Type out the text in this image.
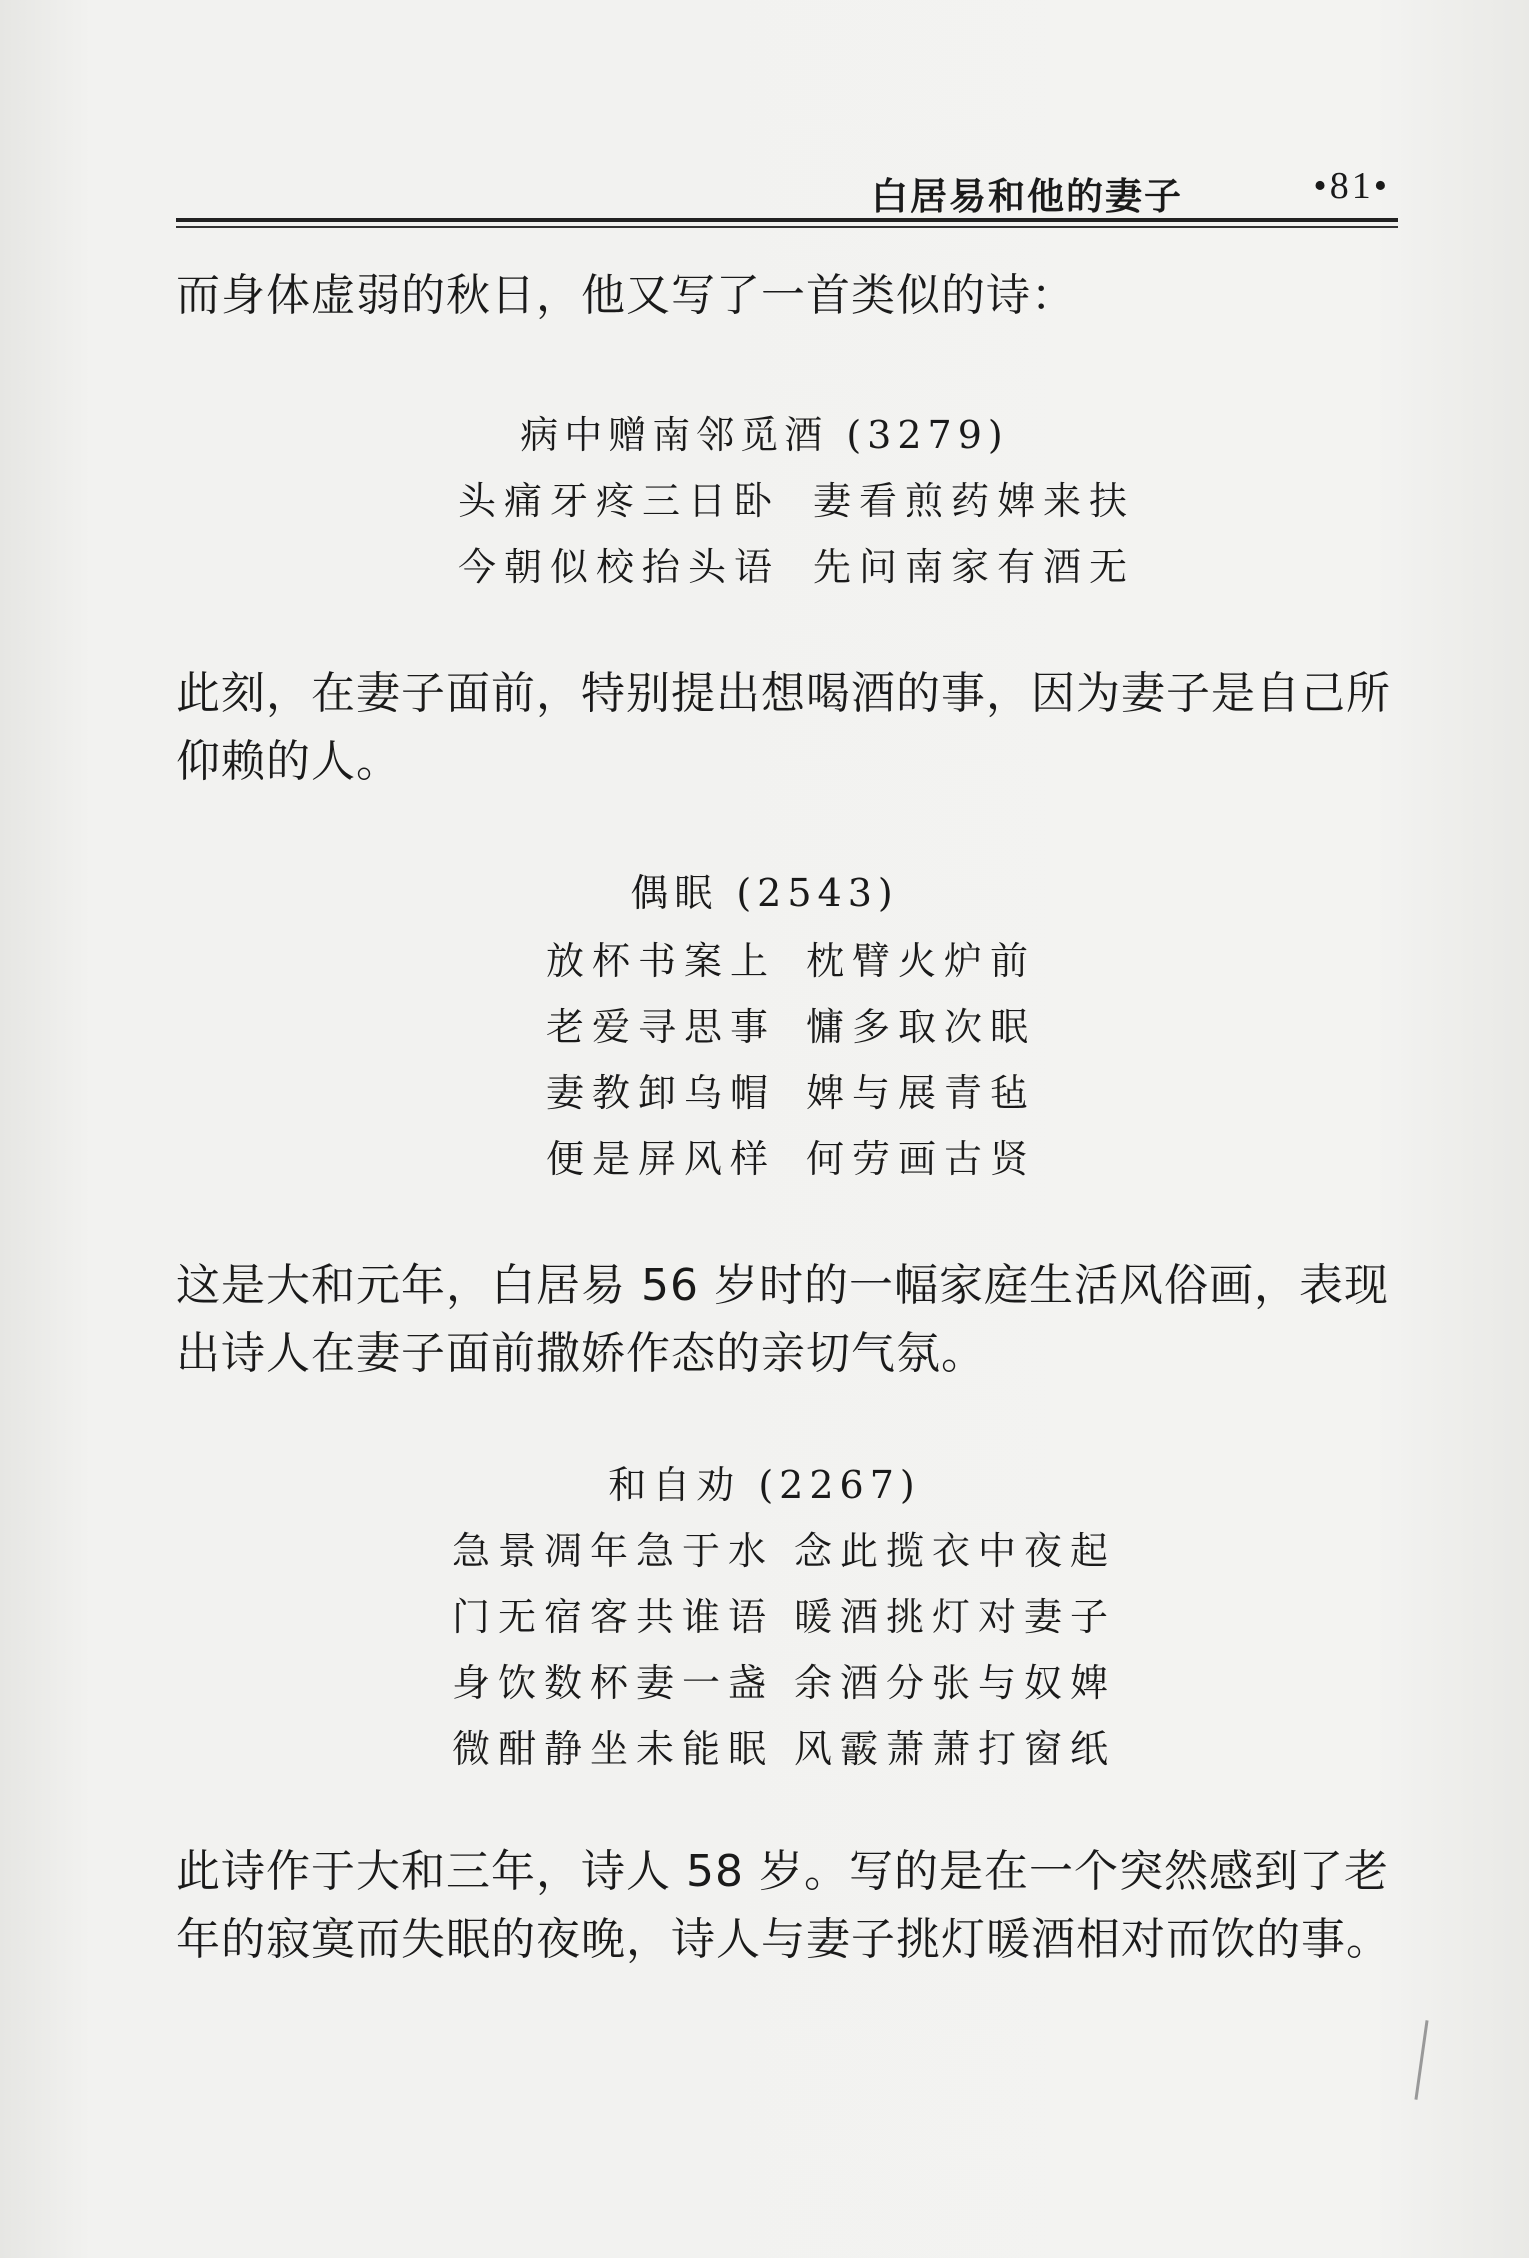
白居易和他的妻子	•81•

而身体虚弱的秋日，他又写了一首类似的诗：

病中赠南邻觅酒 (3279)
头痛牙疼三日卧 妻看煎药婢来扶
今朝似校抬头语 先问南家有酒无

此刻，在妻子面前，特别提出想喝酒的事，因为妻子是自己所仰赖的人。

偶眠 (2543)
放杯书案上 枕臂火炉前
老爱寻思事 慵多取次眠
妻教卸乌帽 婢与展青毡
便是屏风样 何劳画古贤

这是大和元年，白居易 56 岁时的一幅家庭生活风俗画，表现出诗人在妻子面前撒娇作态的亲切气氛。

和自劝 (2267)
急景凋年急于水 念此揽衣中夜起
门无宿客共谁语 暖酒挑灯对妻子
身饮数杯妻一盏 余酒分张与奴婢
微酣静坐未能眠 风霰萧萧打窗纸

此诗作于大和三年，诗人 58 岁。写的是在一个突然感到了老年的寂寞而失眠的夜晚，诗人与妻子挑灯暖酒相对而饮的事。
